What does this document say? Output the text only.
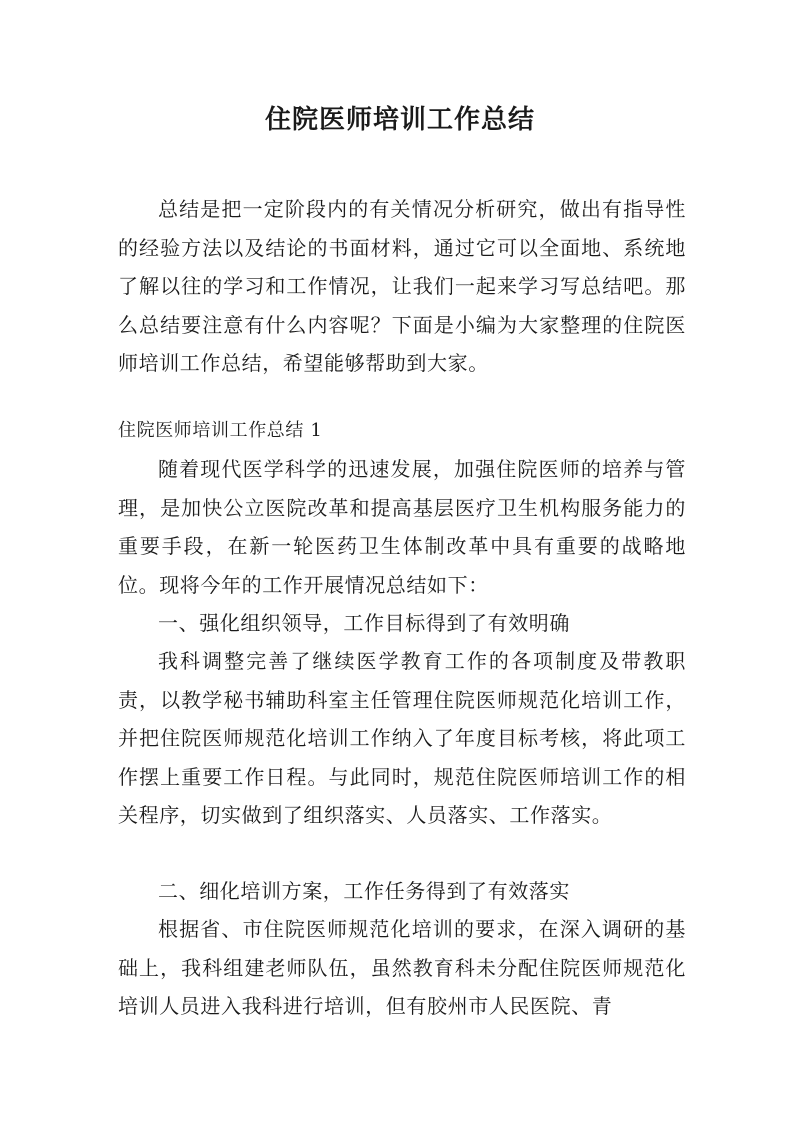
住院医师培训工作总结

总结是把一定阶段内的有关情况分析研究，做出有指导性的经验方法以及结论的书面材料，通过它可以全面地、系统地了解以往的学习和工作情况，让我们一起来学习写总结吧。那么总结要注意有什么内容呢？下面是小编为大家整理的住院医师培训工作总结，希望能够帮助到大家。

住院医师培训工作总结 1

随着现代医学科学的迅速发展，加强住院医师的培养与管理，是加快公立医院改革和提高基层医疗卫生机构服务能力的重要手段，在新一轮医药卫生体制改革中具有重要的战略地位。现将今年的工作开展情况总结如下：

一、强化组织领导，工作目标得到了有效明确

我科调整完善了继续医学教育工作的各项制度及带教职责，以教学秘书辅助科室主任管理住院医师规范化培训工作，并把住院医师规范化培训工作纳入了年度目标考核，将此项工作摆上重要工作日程。与此同时，规范住院医师培训工作的相关程序，切实做到了组织落实、人员落实、工作落实。

二、细化培训方案，工作任务得到了有效落实

根据省、市住院医师规范化培训的要求，在深入调研的基础上，我科组建老师队伍，虽然教育科未分配住院医师规范化培训人员进入我科进行培训，但有胶州市人民医院、青
